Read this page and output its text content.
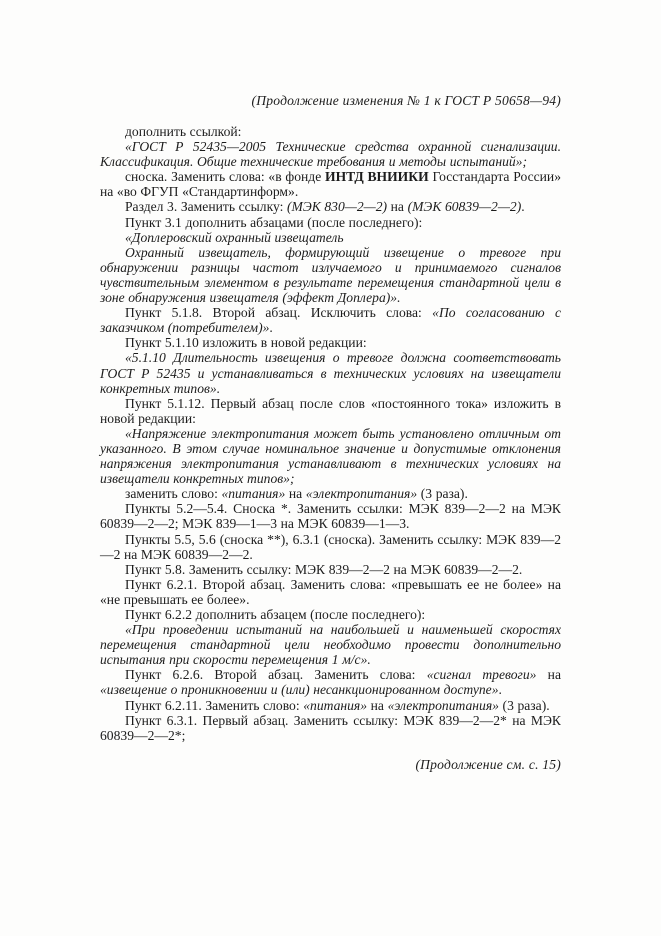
(Продолжение изменения № 1 к ГОСТ Р 50658—94)

дополнить ссылкой:

«ГОСТ Р 52435—2005 Технические средства охранной сигнализации. Классификация. Общие технические требования и методы испытаний»;

сноска. Заменить слова: «в фонде ИНТД ВНИИКИ Госстандарта России» на «во ФГУП «Стандартинформ».

Раздел 3. Заменить ссылку: (МЭК 830—2—2) на (МЭК 60839—2—2).

Пункт 3.1 дополнить абзацами (после последнего):

«Доплеровский охранный извещатель

Охранный извещатель, формирующий извещение о тревоге при обнаружении разницы частот излучаемого и принимаемого сигналов чувствительным элементом в результате перемещения стандартной цели в зоне обнаружения извещателя (эффект Доплера)».

Пункт 5.1.8. Второй абзац. Исключить слова: «По согласованию с заказчиком (потребителем)».

Пункт 5.1.10 изложить в новой редакции:

«5.1.10 Длительность извещения о тревоге должна соответствовать ГОСТ Р 52435 и устанавливаться в технических условиях на извещатели конкретных типов».

Пункт 5.1.12. Первый абзац после слов «постоянного тока» изложить в новой редакции:

«Напряжение электропитания может быть установлено отличным от указанного. В этом случае номинальное значение и допустимые отклонения напряжения электропитания устанавливают в технических условиях на извещатели конкретных типов»;

заменить слово: «питания» на «электропитания» (3 раза).

Пункты 5.2—5.4. Сноска *. Заменить ссылки: МЭК 839—2—2 на МЭК 60839—2—2; МЭК 839—1—3 на МЭК 60839—1—3.

Пункты 5.5, 5.6 (сноска **), 6.3.1 (сноска). Заменить ссылку: МЭК 839—2—2 на МЭК 60839—2—2.

Пункт 5.8. Заменить ссылку: МЭК 839—2—2 на МЭК 60839—2—2.

Пункт 6.2.1. Второй абзац. Заменить слова: «превышать ее не более» на «не превышать ее более».

Пункт 6.2.2 дополнить абзацем (после последнего):

«При проведении испытаний на наибольшей и наименьшей скоростях перемещения стандартной цели необходимо провести дополнительно испытания при скорости перемещения 1 м/с».

Пункт 6.2.6. Второй абзац. Заменить слова: «сигнал тревоги» на «извещение о проникновении и (или) несанкционированном доступе».

Пункт 6.2.11. Заменить слово: «питания» на «электропитания» (3 раза).

Пункт 6.3.1. Первый абзац. Заменить ссылку: МЭК 839—2—2* на МЭК 60839—2—2*;

(Продолжение см. с. 15)
